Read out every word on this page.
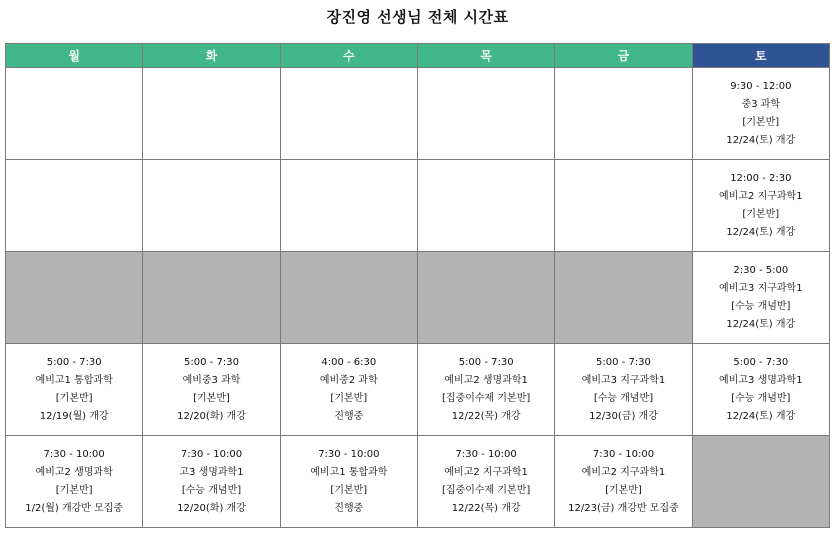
장진영 선생님 전체 시간표
월	화	수	목	금	토

					9:30 - 12:00
중3 과학
[기본반]
12/24(토) 개강

					12:00 - 2:30
예비고2 지구과학1
[기본반]
12/24(토) 개강

					2:30 - 5:00
예비고3 지구과학1
[수능 개념반]
12/24(토) 개강

5:00 - 7:30
예비고1 통합과학
[기본반]
12/19(월) 개강	5:00 - 7:30
예비중3 과학
[기본반]
12/20(화) 개강	4:00 - 6:30
예비중2 과학
[기본반]
진행중	5:00 - 7:30
예비고2 생명과학1
[집중이수제 기본반]
12/22(목) 개강	5:00 - 7:30
예비고3 지구과학1
[수능 개념반]
12/30(금) 개강	5:00 - 7:30
예비고3 생명과학1
[수능 개념반]
12/24(토) 개강

7:30 - 10:00
예비고2 생명과학
[기본반]
1/2(월) 개강반 모집중	7:30 - 10:00
고3 생명과학1
[수능 개념반]
12/20(화) 개강	7:30 - 10:00
예비고1 통합과학
[기본반]
진행중	7:30 - 10:00
예비고2 지구과학1
[집중이수제 기본반]
12/22(목) 개강	7:30 - 10:00
예비고2 지구과학1
[기본반]
12/23(금) 개강반 모집중	
